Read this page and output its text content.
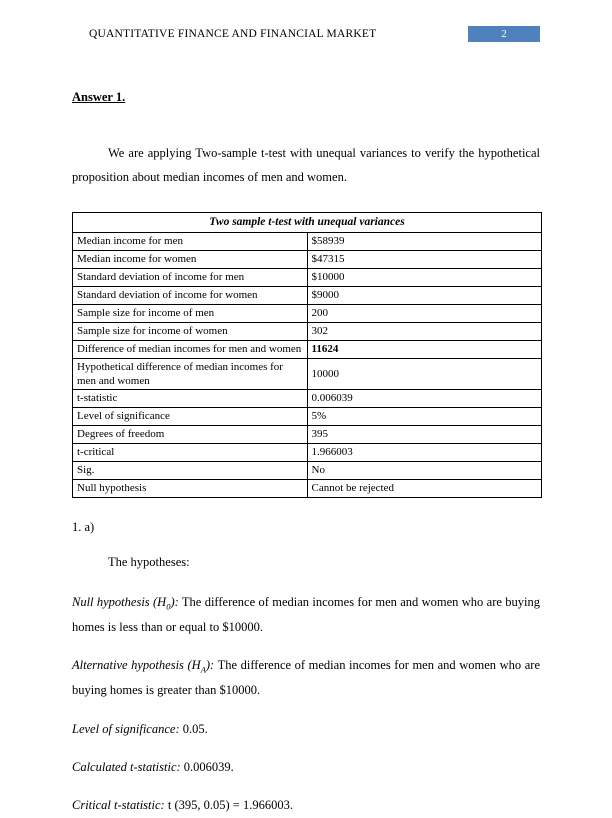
QUANTITATIVE FINANCE AND FINANCIAL MARKET	2
Answer 1.

We are applying Two-sample t-test with unequal variances to verify the hypothetical proposition about median incomes of men and women.

Two sample t-test with unequal variances	
Median income for men	$58939
Median income for women	$47315
Standard deviation of income for men	$10000
Standard deviation of income for women	$9000
Sample size for income of men	200
Sample size for income of women	302
Difference of median incomes for men and women	11624
Hypothetical difference of median incomes for men and women	10000
t-statistic	0.006039
Level of significance	5%
Degrees of freedom	395
t-critical	1.966003
Sig.	No
Null hypothesis	Cannot be rejected

1. a)

The hypotheses:

Null hypothesis $(H_0)$: The difference of median incomes for men and women who are buying homes is less than or equal to $10000.

Alternative hypothesis $(H_A)$: The difference of median incomes for men and women who are buying homes is greater than $10000.

Level of significance: 0.05.

Calculated t-statistic: 0.006039.

Critical t-statistic: t (395, 0.05) = 1.966003.
